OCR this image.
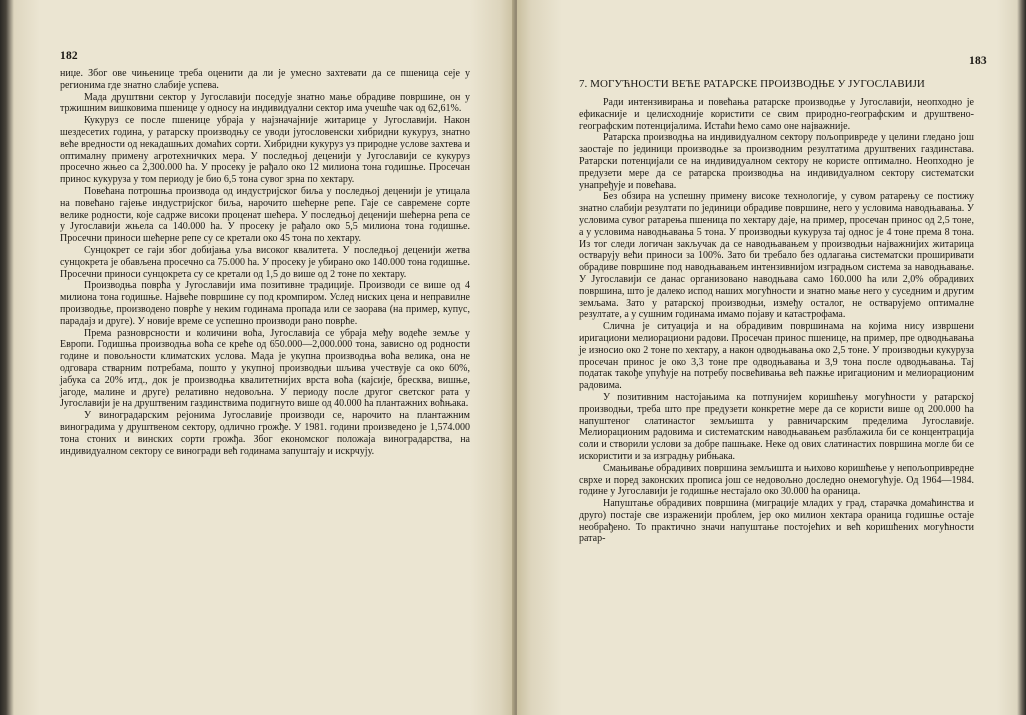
182

ниџе. Због ове чињенице треба оценити да ли је умесно захтевати да се пшеница сеје у регионима где знатно слабије успева.

Мада друштвни сектор у Југославији поседује знатно мање обрадиве површине, он у тржишним вишковима пшенице у односу на индивидуални сектор има учешће чак од 62,61%.

Кукуруз се после пшенице убраја у најзначајније житарице у Југославији. Након шездесетих година, у ратарску производњу се уводи југословенски хибридни кукуруз, знатно веће вредности од некадашњих домаћих сорти. Хибридни кукуруз уз природне услове захтева и оптималну примену агротехничких мера. У последњој деценији у Југославији се кукуруз просечно жњео са 2,300.000 ha. У просеку је рађало око 12 милиона тона годишње. Просечан принос кукуруза у том периоду је био 6,5 тона сувог зрна по хектару.

Повећана потрошња производа од индустријског биља у последњој деценији је утицала на повећано гајење индустријског биља, нарочито шећерне репе. Гаје се савремене сорте велике родности, које садрже високи проценат шећера. У последњој деценији шећерна репа се у Југославији жњела са 140.000 ha. У просеку је рађало око 5,5 милиона тона годишње. Просечни приноси шећерне репе су се кретали око 45 тона по хектару.

Сунцокрет се гаји због добијања уља високог квалитета. У последњој деценији жетва сунцокрета је обављена просечно са 75.000 ha. У просеку је убирано око 140.000 тона годишње. Просечни приноси сунцокрета су се кретали од 1,5 до више од 2 тоне по хектару.

Производња поврћа у Југославији има позитивне традиције. Производи се више од 4 милиона тона годишње. Највеће површине су под кромпиром. Услед ниских цена и неправилне производње, производено поврће у неким годинама пропада или се заорава (на пример, купус, парадајз и друге). У новије време се успешно производи рано поврће.

Према разноврсности и количини воћа, Југославија се убраја међу водеће земље у Европи. Годишња производња воћа се креће од 650.000—2,000.000 тона, зависно од родности године и повољности климатских услова. Мада је укупна производња воћа велика, она не одговара стварним потребама, пошто у укупној производњи шљива учествује са око 60%, јабука са 20% итд., док је производња квалитетнијих врста воћа (кајсије, бресква, вишње, јагоде, малине и друге) релативно недовољна. У периоду после другог светског рата у Југославији је на друштвеним газдинствима подигнуто више од 40.000 ha плантажних воћњака.

У виноградарским рејонима Југославије производи се, нарочито на плантажним виноградима у друштвеном сектору, одлично грожђе. У 1981. години произведено је 1,574.000 тона стоних и винских сорти грожђа. Због економског положаја виноградарства, на индивидуалном сектору се виногради већ годинама запуштају и искрчују.

183
7. МОГУЋНОСТИ ВЕЋЕ РАТАРСКЕ ПРОИЗВОДЊЕ У ЈУГОСЛАВИЈИ

Ради интензивирања и повећања ратарске производње у Југославији, неопходно је ефикасније и целисходније користити се свим природно-географским и друштвено-географским потенцијалима. Истаћи ћемо само оне најважније.

Ратарска производња на индивидуалном сектору пољопривреде у целини гледано још заостаје по јединици производње за производним резултатима друштвених газдинстава. Ратарски потенцијали се на индивидуалном сектору не користе оптимално. Неопходно је предузети мере да се ратарска производња на индивидуалном сектору систематски унапређује и повећава.

Без обзира на успешну примену високе технологије, у сувом ратарењу се постижу знатно слабији резултати по јединици обрадиве површине, него у условима наводњавања. У условима сувог ратарења пшеница по хектару даје, на пример, просечан принос од 2,5 тоне, а у условима наводњавања 5 тона. У производњи кукуруза тај однос је 4 тоне према 8 тона. Из тог следи логичан закључак да се наводњавањем у производњи најважнијих житарица остварују већи приноси за 100%. Зато би требало без одлагања систематски проширивати обрадиве површине под наводњавањем интензивниjом изградњом система за наводњавање. У Југославији се данас организовано наводњава само 160.000 ha или 2,0% обрадивих површина, што је далеко испод наших могућности и знатно мање него у суседним и другим земљама. Зато у ратарској производњи, између осталог, не остварујемо оптималне резултате, а у сушним годинама имамо појаву и катастрофама.

Слична је ситуација и на обрадивим површинама на којима нису извршени иригациони мелиорациони радови. Просечан принос пшенице, на пример, пре одводњавања је износио око 2 тоне по хектару, а након одводњавања око 2,5 тоне. У производњи кукуруза просечан принос је око 3,3 тоне пре одводњавања и 3,9 тона после одводњавања. Тај податак такође упућује на потребу посвећивања већ пажње иригационим и мелиорационим радовима.

У позитивним настојањима ка потпунијем коришћењу могућности у ратарској производњи, треба што пре предузети конкретне мере да се користи више од 200.000 ha напуштеног слатинастог земљишта у равничарским пределима Југославије. Мелиорационим радовима и систематским наводњавањем разблажила би се концентрација соли и створили услови за добре пашњаке. Неке од ових слатинастих површина могле би се искористити и за изградњу рибњака.

Смањивање обрадивих површина земљишта и њихово коришћење у непољопривредне сврхе и поред законских прописа још се недовољно доследно онемогућује. Од 1964—1984. године у Југославији је годишње нестајало око 30.000 ha ораница.

Напуштање обрадивих површина (миграције младих у град, старачка домаћинства и друго) постаје све израженији проблем, јер око милион хектара ораница годишње остаје необрађено. То практично значи напуштање постојећих и већ коришћених могућности ратар-
